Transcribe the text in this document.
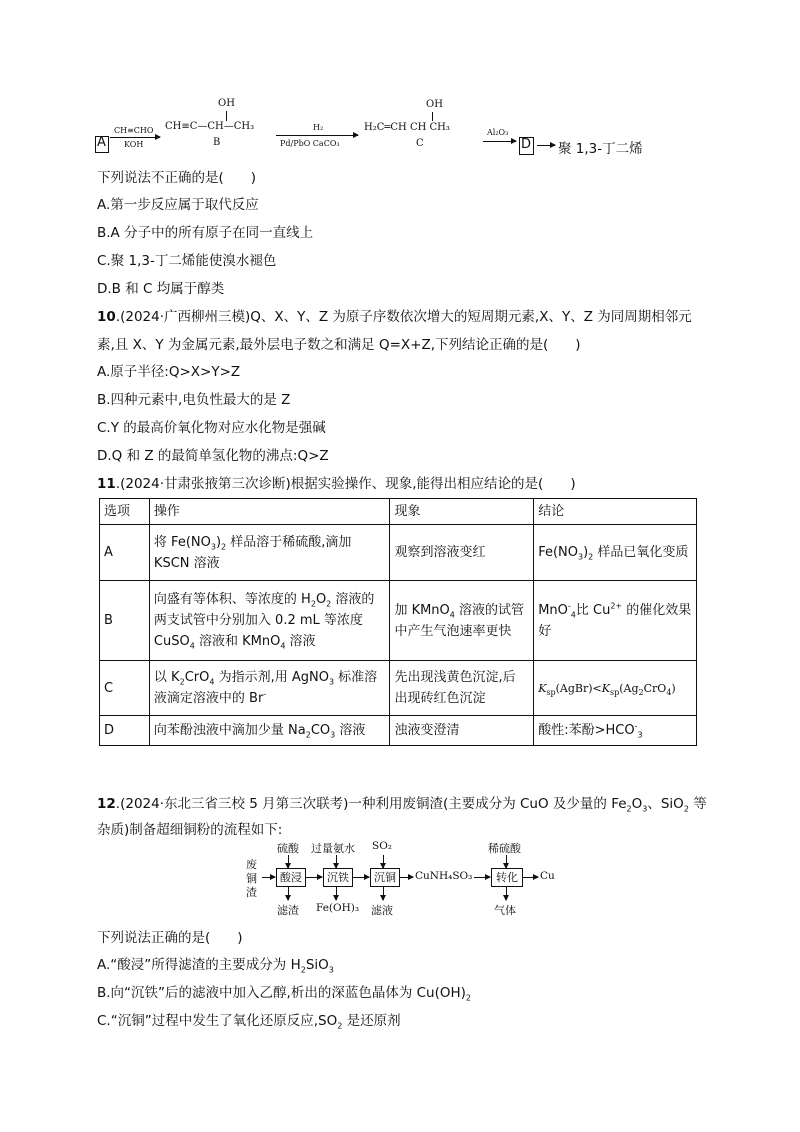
A
CH≡CHO
KOH
OH
CH≡C—CH—CH₃
B
H₂
Pd/PbO CaCO₃
OH
H₂C═CH CH CH₃
C
Al₂O₃
D 聚 1,3-丁二烯
下列说法不正确的是(　　)
A.第一步反应属于取代反应
B.A 分子中的所有原子在同一直线上
C.聚 1,3-丁二烯能使溴水褪色
D.B 和 C 均属于醇类
10.(2024·广西柳州三模)Q、X、Y、Z 为原子序数依次增大的短周期元素,X、Y、Z 为同周期相邻元
素,且 X、Y 为金属元素,最外层电子数之和满足 Q=X+Z,下列结论正确的是(　　)
A.原子半径:Q>X>Y>Z
B.四种元素中,电负性最大的是 Z
C.Y 的最高价氧化物对应水化物是强碱
D.Q 和 Z 的最简单氢化物的沸点:Q>Z
11.(2024·甘肃张掖第三次诊断)根据实验操作、现象,能得出相应结论的是(　　)
选项	操作	现象	结论
A	将 $Fe(NO_3)_2$ 样品溶于稀硫酸,滴加
KSCN 溶液	观察到溶液变红	$Fe(NO_3)_2$ 样品已氧化变质
B	向盛有等体积、等浓度的 $H_2O_2$ 溶液的
两支试管中分别加入 0.2 mL 等浓度
CuSO$_4$ 溶液和 KMnO$_4$ 溶液	加 KMnO$_4$ 溶液的试管
中产生气泡速率更快	MnO-$_4$比 $Cu^{2+}$ 的催化效果
好
C	以 $K_2CrO_4$ 为指示剂,用 AgNO$_3$ 标准溶
液滴定溶液中的 Br-	先出现浅黄色沉淀,后
出现砖红色沉淀	$K_{sp}(AgBr)<K_{sp}(Ag_2CrO_4)$
D	向苯酚浊液中滴加少量 $Na_2CO_3$ 溶液	浊液变澄清	酸性:苯酚$>HCO^-_3$
12.(2024·东北三省三校 5 月第三次联考)一种利用废铜渣(主要成分为 CuO 及少量的 $Fe_2O_3$、SiO$_2$ 等
杂质)制备超细铜粉的流程如下:
废
铜
渣
硫酸
酸浸
滤渣
过量氨水
沉铁
Fe(OH)₃
SO₂
沉铜
滤液
CuNH₄SO₃
稀硫酸
转化
气体
Cu
下列说法正确的是(　　)
A.“酸浸”所得滤渣的主要成分为 $H_2SiO_3$
B.向“沉铁”后的滤液中加入乙醇,析出的深蓝色晶体为 $Cu(OH)_2$
C.“沉铜”过程中发生了氧化还原反应$,SO_2$ 是还原剂
